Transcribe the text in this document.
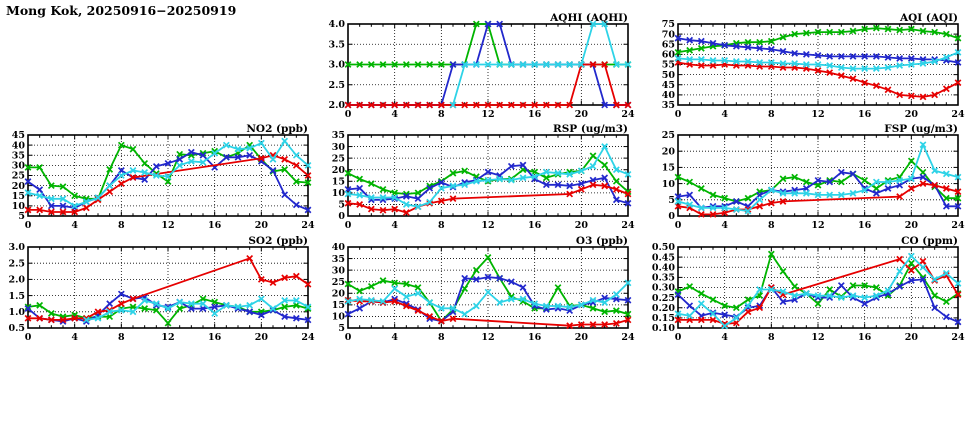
Mong Kok, 20250916−20250919	AQHI (AQHI)
2.0
2.5
3.0
3.5
4.0
0	4	8	12	16	20	24
AQI (AQI)
35
40
45
50
55
60
65
70
75
0	4	8	12	16	20	24
NO2 (ppb)
5
10
15
20
25
30
35
40
45
0	4	8	12	16	20	24
RSP (ug/m3)
0
5
10
15
20
25
30
35
0	4	8	12	16	20	24
FSP (ug/m3)
0
5
10
15
20
25
0	4	8	12	16	20	24
SO2 (ppb)
0.5
1.0
1.5
2.0
2.5
3.0
0	4	8	12	16	20	24
O3 (ppb)
5
10
15
20
25
30
35
40
0	4	8	12	16	20	24
CO (ppm)
0.10
0.15
0.20
0.25
0.30
0.35
0.40
0.45
0.50
0	4	8	12	16	20	24
